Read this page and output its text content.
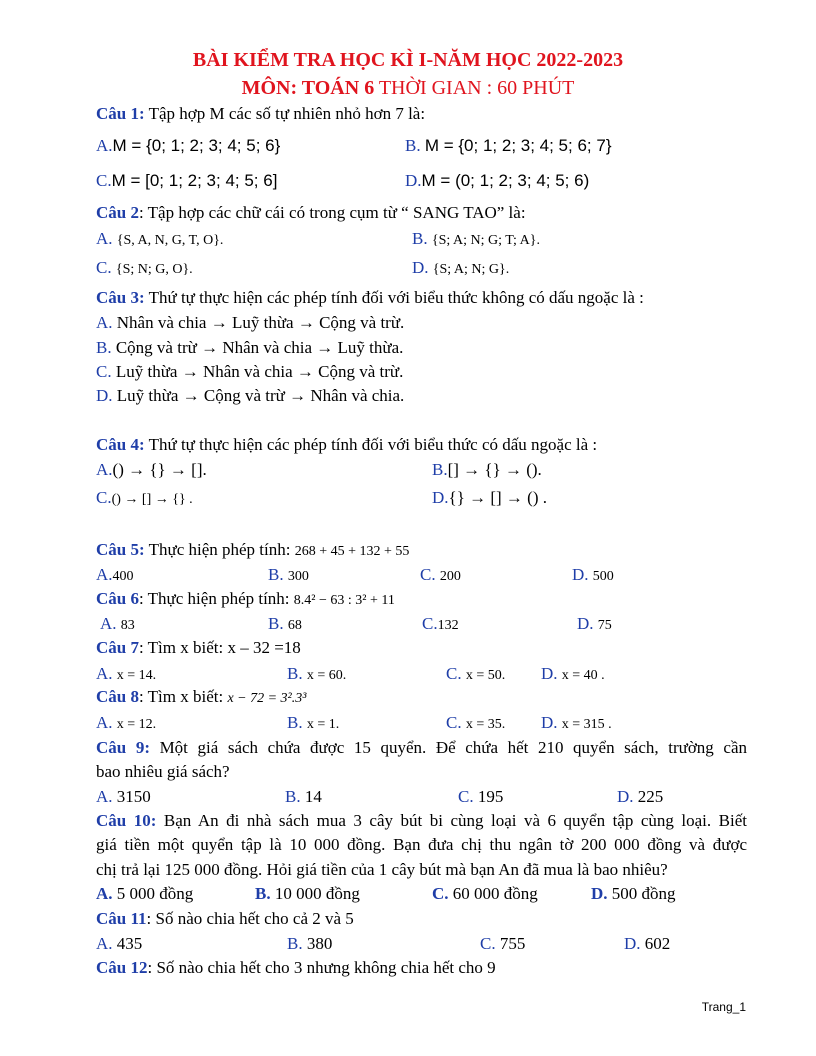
BÀI KIỂM TRA HỌC KÌ I-NĂM HỌC 2022-2023
MÔN: TOÁN 6 THỜI GIAN : 60 PHÚT
Câu 1: Tập hợp M các số tự nhiên nhỏ hơn 7 là:
A.M = {0; 1; 2; 3; 4; 5; 6}	B. M = {0; 1; 2; 3; 4; 5; 6; 7}
C.M = [0; 1; 2; 3; 4; 5; 6]	D.M = (0; 1; 2; 3; 4; 5; 6)
Câu 2: Tập hợp các chữ cái có trong cụm từ “ SANG TAO” là:
A. {S, A, N, G, T, O}.	B. {S; A; N; G; T; A}.
C. {S; N; G, O}.	D. {S; A; N; G}.
Câu 3: Thứ tự thực hiện các phép tính đối với biểu thức không có dấu ngoặc là :
A. Nhân và chia → Luỹ thừa → Cộng và trừ.
B. Cộng và trừ → Nhân và chia → Luỹ thừa.
C. Luỹ thừa → Nhân và chia → Cộng và trừ.
D. Luỹ thừa → Cộng và trừ → Nhân và chia.
Câu 4: Thứ tự thực hiện các phép tính đối với biểu thức có dấu ngoặc là :
A.() → {} → [].	B.[] → {} → ().
C.() → [] → {} .	D.{} → [] → () .
Câu 5: Thực hiện phép tính: 268 + 45 + 132 + 55
A.400	B. 300	C. 200	D. 500
Câu 6: Thực hiện phép tính: 8.4² − 63 : 3² + 11
A. 83	B. 68	C.132	D. 75
Câu 7: Tìm x biết: x – 32 =18
A. x = 14.	B. x = 60.	C. x = 50. D. x = 40 .
Câu 8: Tìm x biết: x − 72 = 3².3³
A. x = 12.	B. x = 1.	C. x = 35. D. x = 315 .
Câu 9: Một giá sách chứa được 15 quyển. Để chứa hết 210 quyển sách, trường cần
bao nhiêu giá sách?
A. 3150	B. 14	C. 195	D. 225
Câu 10: Bạn An đi nhà sách mua 3 cây bút bi cùng loại và 6 quyển tập cùng loại. Biết
giá tiền một quyển tập là 10 000 đồng. Bạn đưa chị thu ngân tờ 200 000 đồng và được
chị trả lại 125 000 đồng. Hỏi giá tiền của 1 cây bút mà bạn An đã mua là bao nhiêu?
A. 5 000 đồng	B. 10 000 đồng	C. 60 000 đồng	D. 500 đồng
Câu 11: Số nào chia hết cho cả 2 và 5
A. 435	B. 380	C. 755	D. 602
Câu 12: Số nào chia hết cho 3 nhưng không chia hết cho 9
Trang_1
